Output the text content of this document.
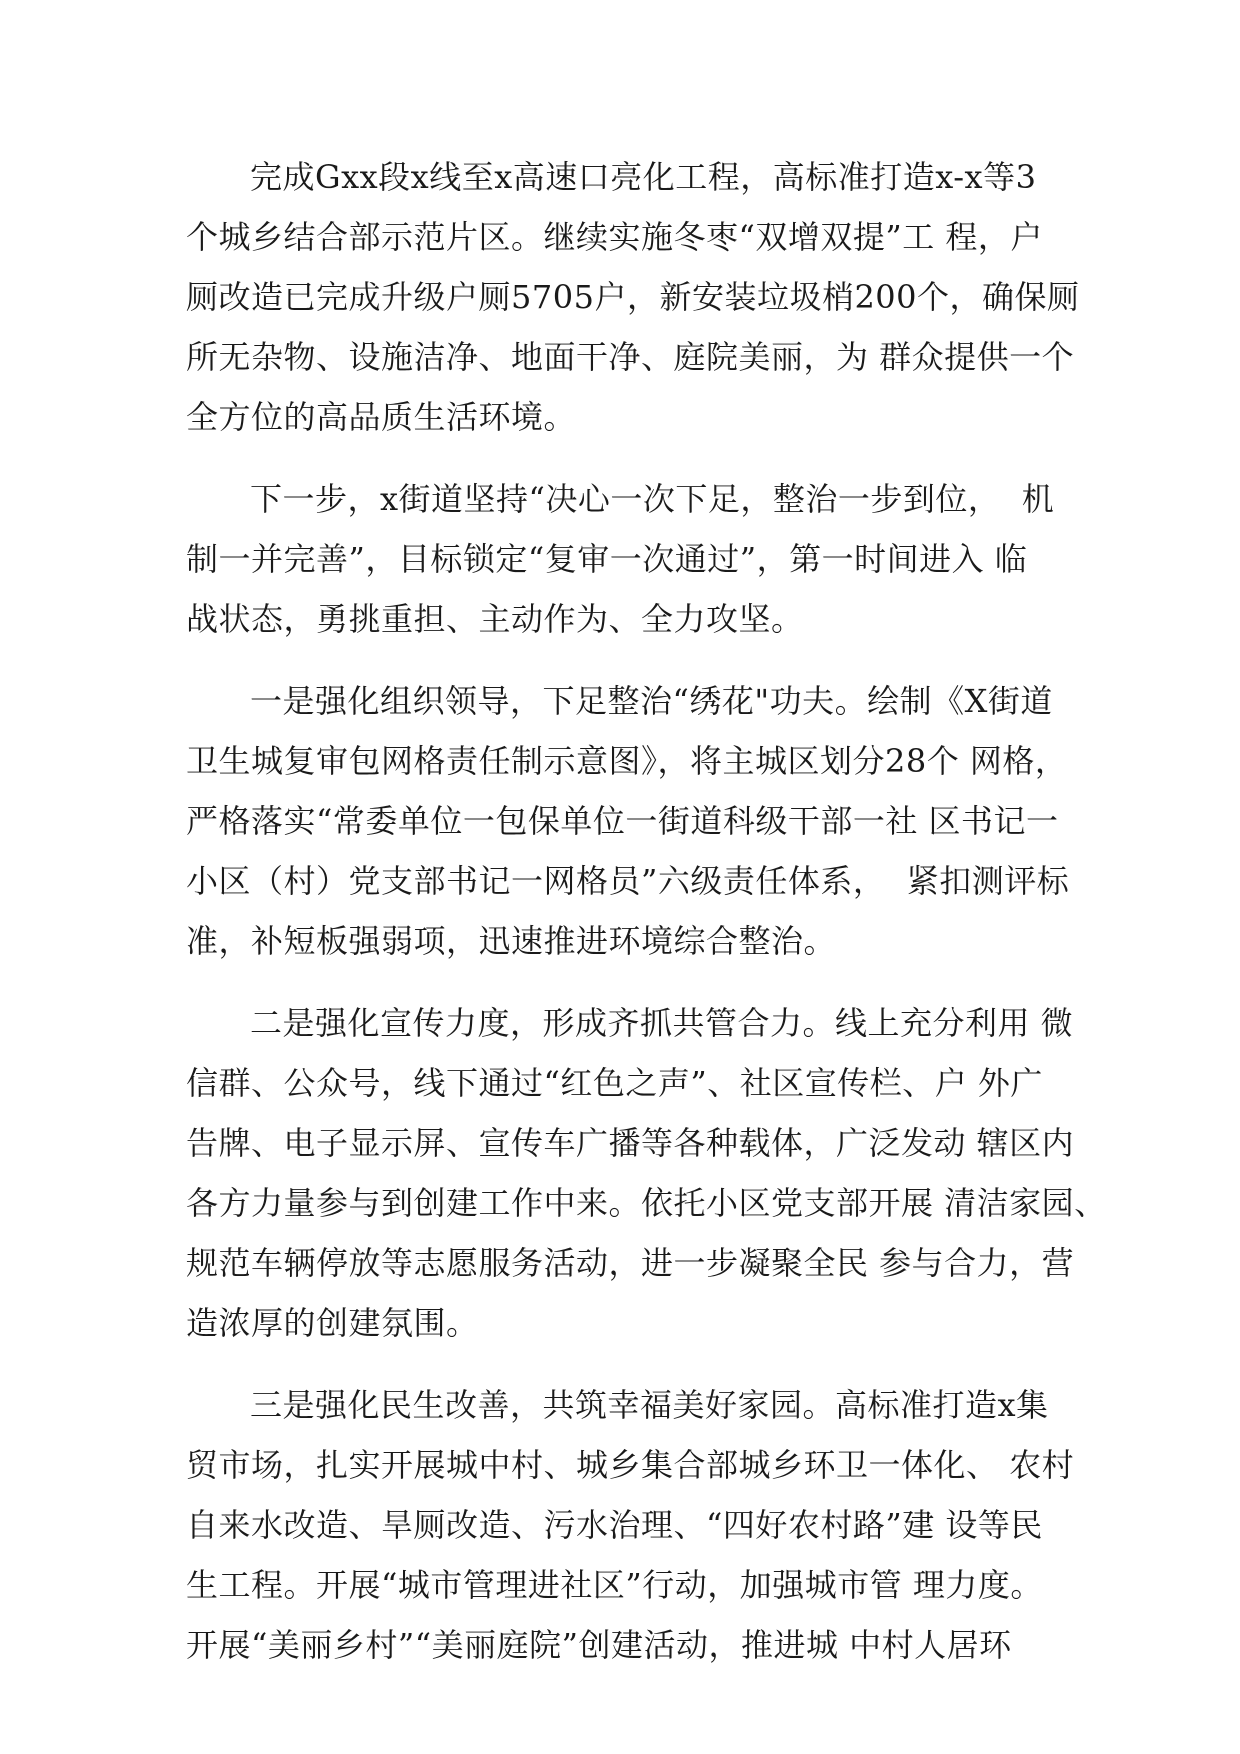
完成Gxx段x线至x高速口亮化工程，高标准打造x-x等3
个城乡结合部示范片区。继续实施冬枣“双增双提”工 程，户
厕改造已完成升级户厕5705户，新安装垃圾梢200个，确保厕
所无杂物、设施洁净、地面干净、庭院美丽，为 群众提供一个
全方位的高品质生活环境。
下一步，x街道坚持“决心一次下足，整治一步到位，  机
制一并完善”，目标锁定“复审一次通过”，第一时间进入 临
战状态，勇挑重担、主动作为、全力攻坚。
一是强化组织领导，下足整治“绣花"功夫。绘制《X街道
卫生城复审包网格责任制示意图》，将主城区划分28个 网格，
严格落实“常委单位一包保单位一街道科级干部一社 区书记一
小区（村）党支部书记一网格员”六级责任体系，  紧扣测评标
准，补短板强弱项，迅速推进环境综合整治。
二是强化宣传力度，形成齐抓共管合力。线上充分利用 微
信群、公众号，线下通过“红色之声”、社区宣传栏、户 外广
告牌、电子显示屏、宣传车广播等各种载体，广泛发动 辖区内
各方力量参与到创建工作中来。依托小区党支部开展 清洁家园、
规范车辆停放等志愿服务活动，进一步凝聚全民 参与合力，营
造浓厚的创建氛围。
三是强化民生改善，共筑幸福美好家园。高标准打造x集
贸市场，扎实开展城中村、城乡集合部城乡环卫一体化、 农村
自来水改造、旱厕改造、污水治理、“四好农村路”建 设等民
生工程。开展“城市管理进社区”行动，加强城市管 理力度。
开展“美丽乡村”“美丽庭院”创建活动，推进城 中村人居环
